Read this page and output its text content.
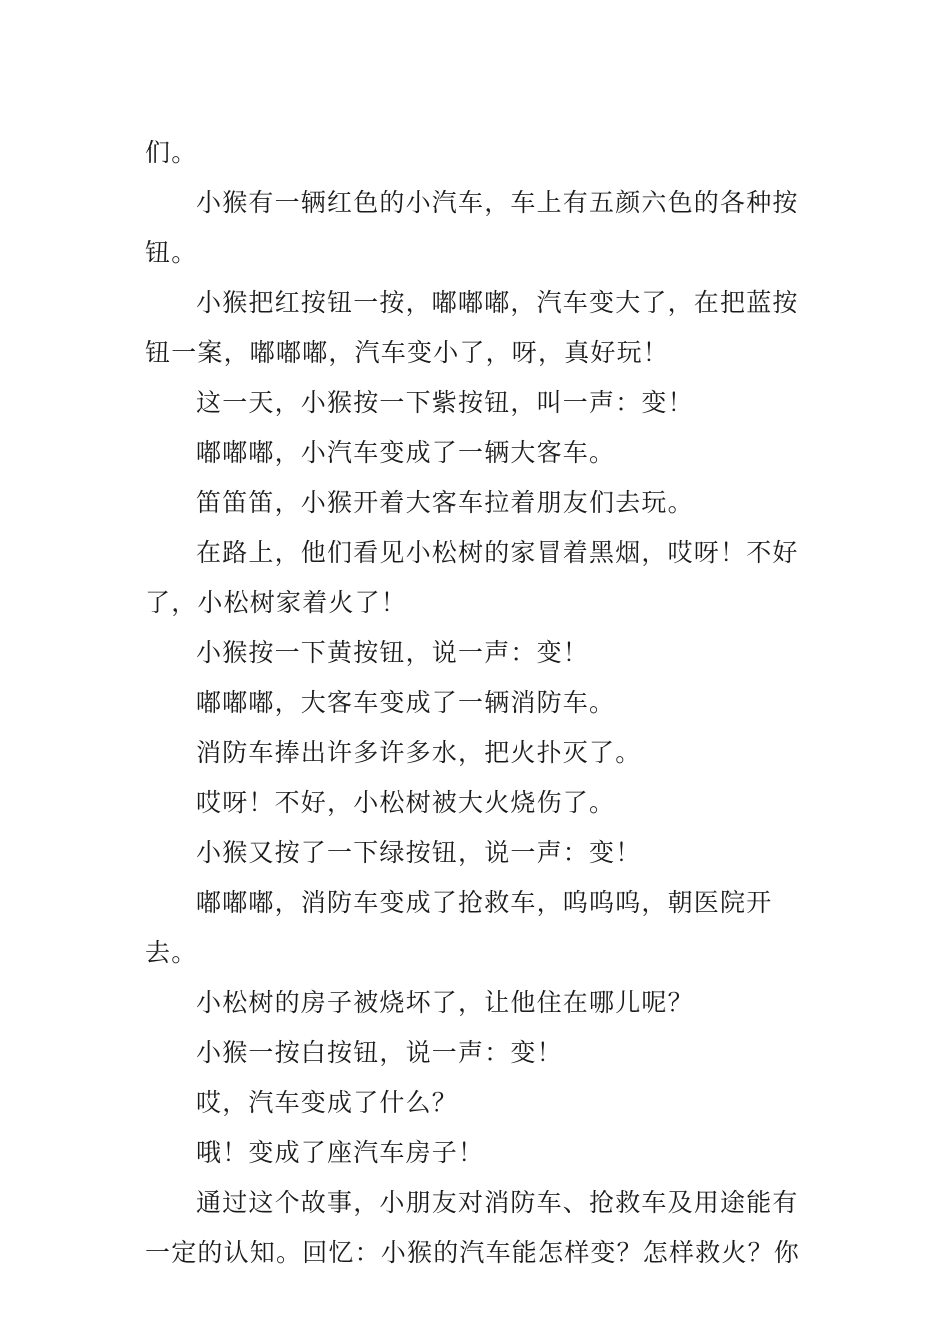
们。

小猴有一辆红色的小汽车，车上有五颜六色的各种按钮。

小猴把红按钮一按，嘟嘟嘟，汽车变大了，在把蓝按钮一案，嘟嘟嘟，汽车变小了，呀，真好玩！

这一天，小猴按一下紫按钮，叫一声：变！

嘟嘟嘟，小汽车变成了一辆大客车。

笛笛笛，小猴开着大客车拉着朋友们去玩。

在路上，他们看见小松树的家冒着黑烟，哎呀！不好了，小松树家着火了！

小猴按一下黄按钮，说一声：变！

嘟嘟嘟，大客车变成了一辆消防车。

消防车捧出许多许多水，把火扑灭了。

哎呀！不好，小松树被大火烧伤了。

小猴又按了一下绿按钮，说一声：变！

嘟嘟嘟，消防车变成了抢救车，呜呜呜，朝医院开去。

小松树的房子被烧坏了，让他住在哪儿呢？

小猴一按白按钮，说一声：变！

哎，汽车变成了什么？

哦！变成了座汽车房子！

通过这个故事，小朋友对消防车、抢救车及用途能有一定的认知。回忆：小猴的汽车能怎样变？怎样救火？你
